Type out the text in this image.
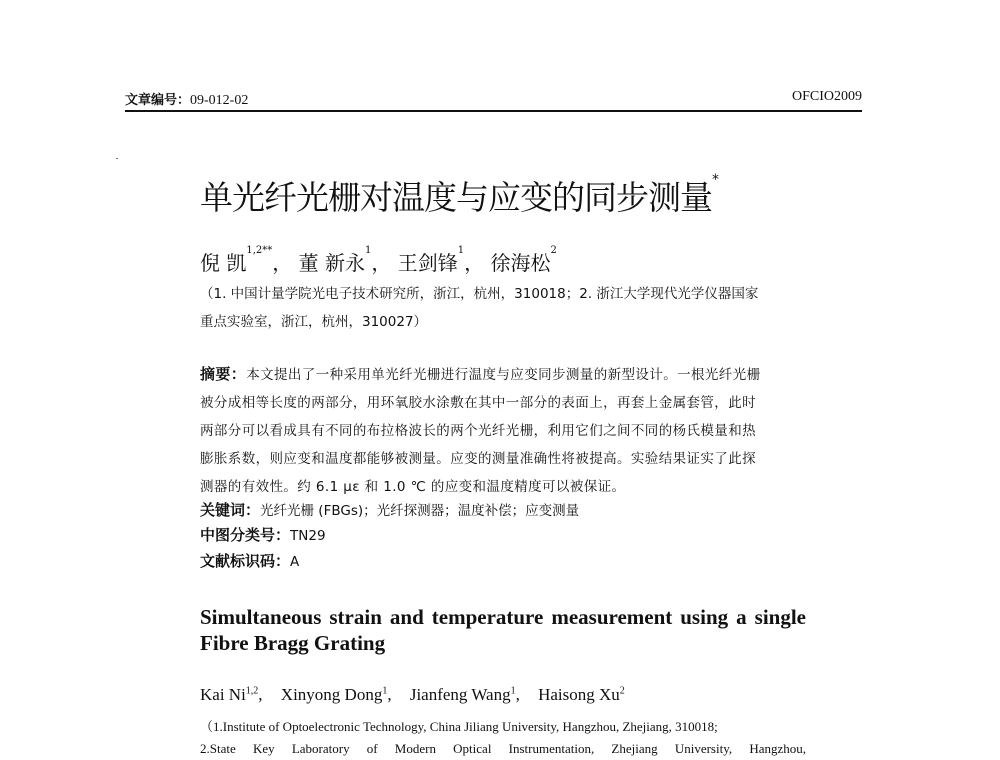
文章编号：09-012-02	OFCIO2009
单光纤光栅对温度与应变的同步测量*
倪 凯$^{1,2**}$， 董 新永$^1$， 王剑锋$^1$， 徐海松$^2$
（1. 中国计量学院光电子技术研究所，浙江，杭州，310018；2. 浙江大学现代光学仪器国家
重点实验室，浙江，杭州，310027）
摘要：本文提出了一种采用单光纤光栅进行温度与应变同步测量的新型设计。一根光纤光栅
被分成相等长度的两部分，用环氧胶水涂敷在其中一部分的表面上，再套上金属套管，此时
两部分可以看成具有不同的布拉格波长的两个光纤光栅，利用它们之间不同的杨氏模量和热
膨胀系数，则应变和温度都能够被测量。应变的测量准确性将被提高。实验结果证实了此探
测器的有效性。约 6.1 με 和 1.0 ℃ 的应变和温度精度可以被保证。
关键词：光纤光栅 (FBGs)；光纤探测器；温度补偿；应变测量
中图分类号：TN29
文献标识码：A
Simultaneous strain and temperature measurement using a single
Fibre Bragg Grating
Kai Ni$^{1,2}$, Xinyong Dong$^1$, Jianfeng Wang$^1$, Haisong Xu$^2$
（1.Institute of Optoelectronic Technology, China Jiliang University, Hangzhou, Zhejiang, 310018;
2.State Key Laboratory of Modern Optical Instrumentation, Zhejiang University, Hangzhou,
